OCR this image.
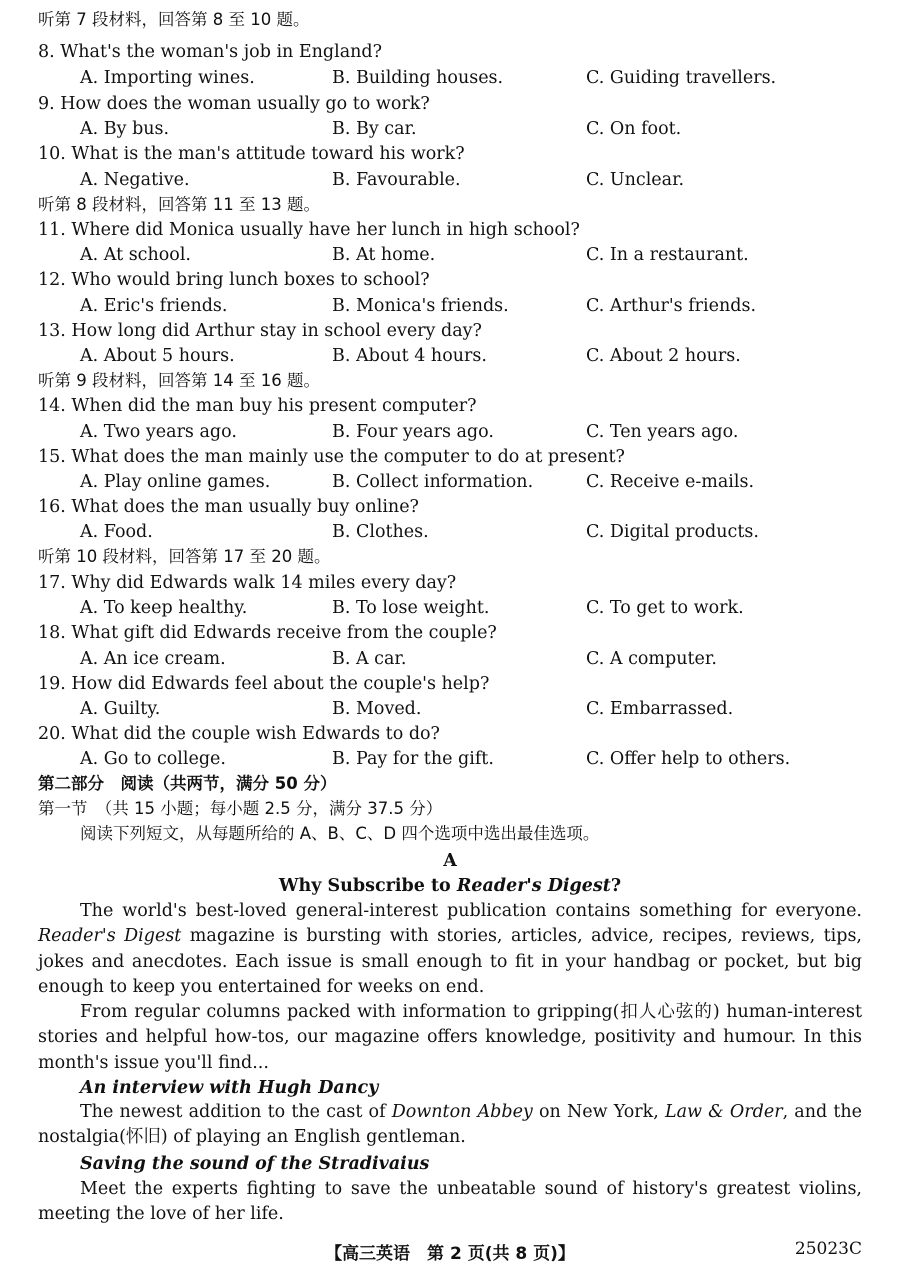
听第 7 段材料，回答第 8 至 10 题。
8. What's the woman's job in England?
A. Importing wines.	B. Building houses.	C. Guiding travellers.
9. How does the woman usually go to work?
A. By bus.	B. By car.	C. On foot.
10. What is the man's attitude toward his work?
A. Negative.	B. Favourable.	C. Unclear.
听第 8 段材料，回答第 11 至 13 题。
11. Where did Monica usually have her lunch in high school?
A. At school.	B. At home.	C. In a restaurant.
12. Who would bring lunch boxes to school?
A. Eric's friends.	B. Monica's friends.	C. Arthur's friends.
13. How long did Arthur stay in school every day?
A. About 5 hours.	B. About 4 hours.	C. About 2 hours.
听第 9 段材料，回答第 14 至 16 题。
14. When did the man buy his present computer?
A. Two years ago.	B. Four years ago.	C. Ten years ago.
15. What does the man mainly use the computer to do at present?
A. Play online games.	B. Collect information.	C. Receive e-mails.
16. What does the man usually buy online?
A. Food.	B. Clothes.	C. Digital products.
听第 10 段材料，回答第 17 至 20 题。
17. Why did Edwards walk 14 miles every day?
A. To keep healthy.	B. To lose weight.	C. To get to work.
18. What gift did Edwards receive from the couple?
A. An ice cream.	B. A car.	C. A computer.
19. How did Edwards feel about the couple's help?
A. Guilty.	B. Moved.	C. Embarrassed.
20. What did the couple wish Edwards to do?
A. Go to college.	B. Pay for the gift.	C. Offer help to others.
第二部分　阅读（共两节，满分 50 分）
第一节　（共 15 小题；每小题 2.5 分，满分 37.5 分）
阅读下列短文，从每题所给的 A、B、C、D 四个选项中选出最佳选项。
A
Why Subscribe to Reader's Digest?
The world's best-loved general-interest publication contains something for everyone. Reader's Digest magazine is bursting with stories, articles, advice, recipes, reviews, tips, jokes and anecdotes. Each issue is small enough to fit in your handbag or pocket, but big enough to keep you entertained for weeks on end.
From regular columns packed with information to gripping(扣人心弦的) human-interest stories and helpful how-tos, our magazine offers knowledge, positivity and humour. In this month's issue you'll find...
An interview with Hugh Dancy
The newest addition to the cast of Downton Abbey on New York, Law & Order, and the nostalgia(怀旧) of playing an English gentleman.
Saving the sound of the Stradivaius
Meet the experts fighting to save the unbeatable sound of history's greatest violins, meeting the love of her life.
【高三英语　第 2 页(共 8 页)】	25023C
